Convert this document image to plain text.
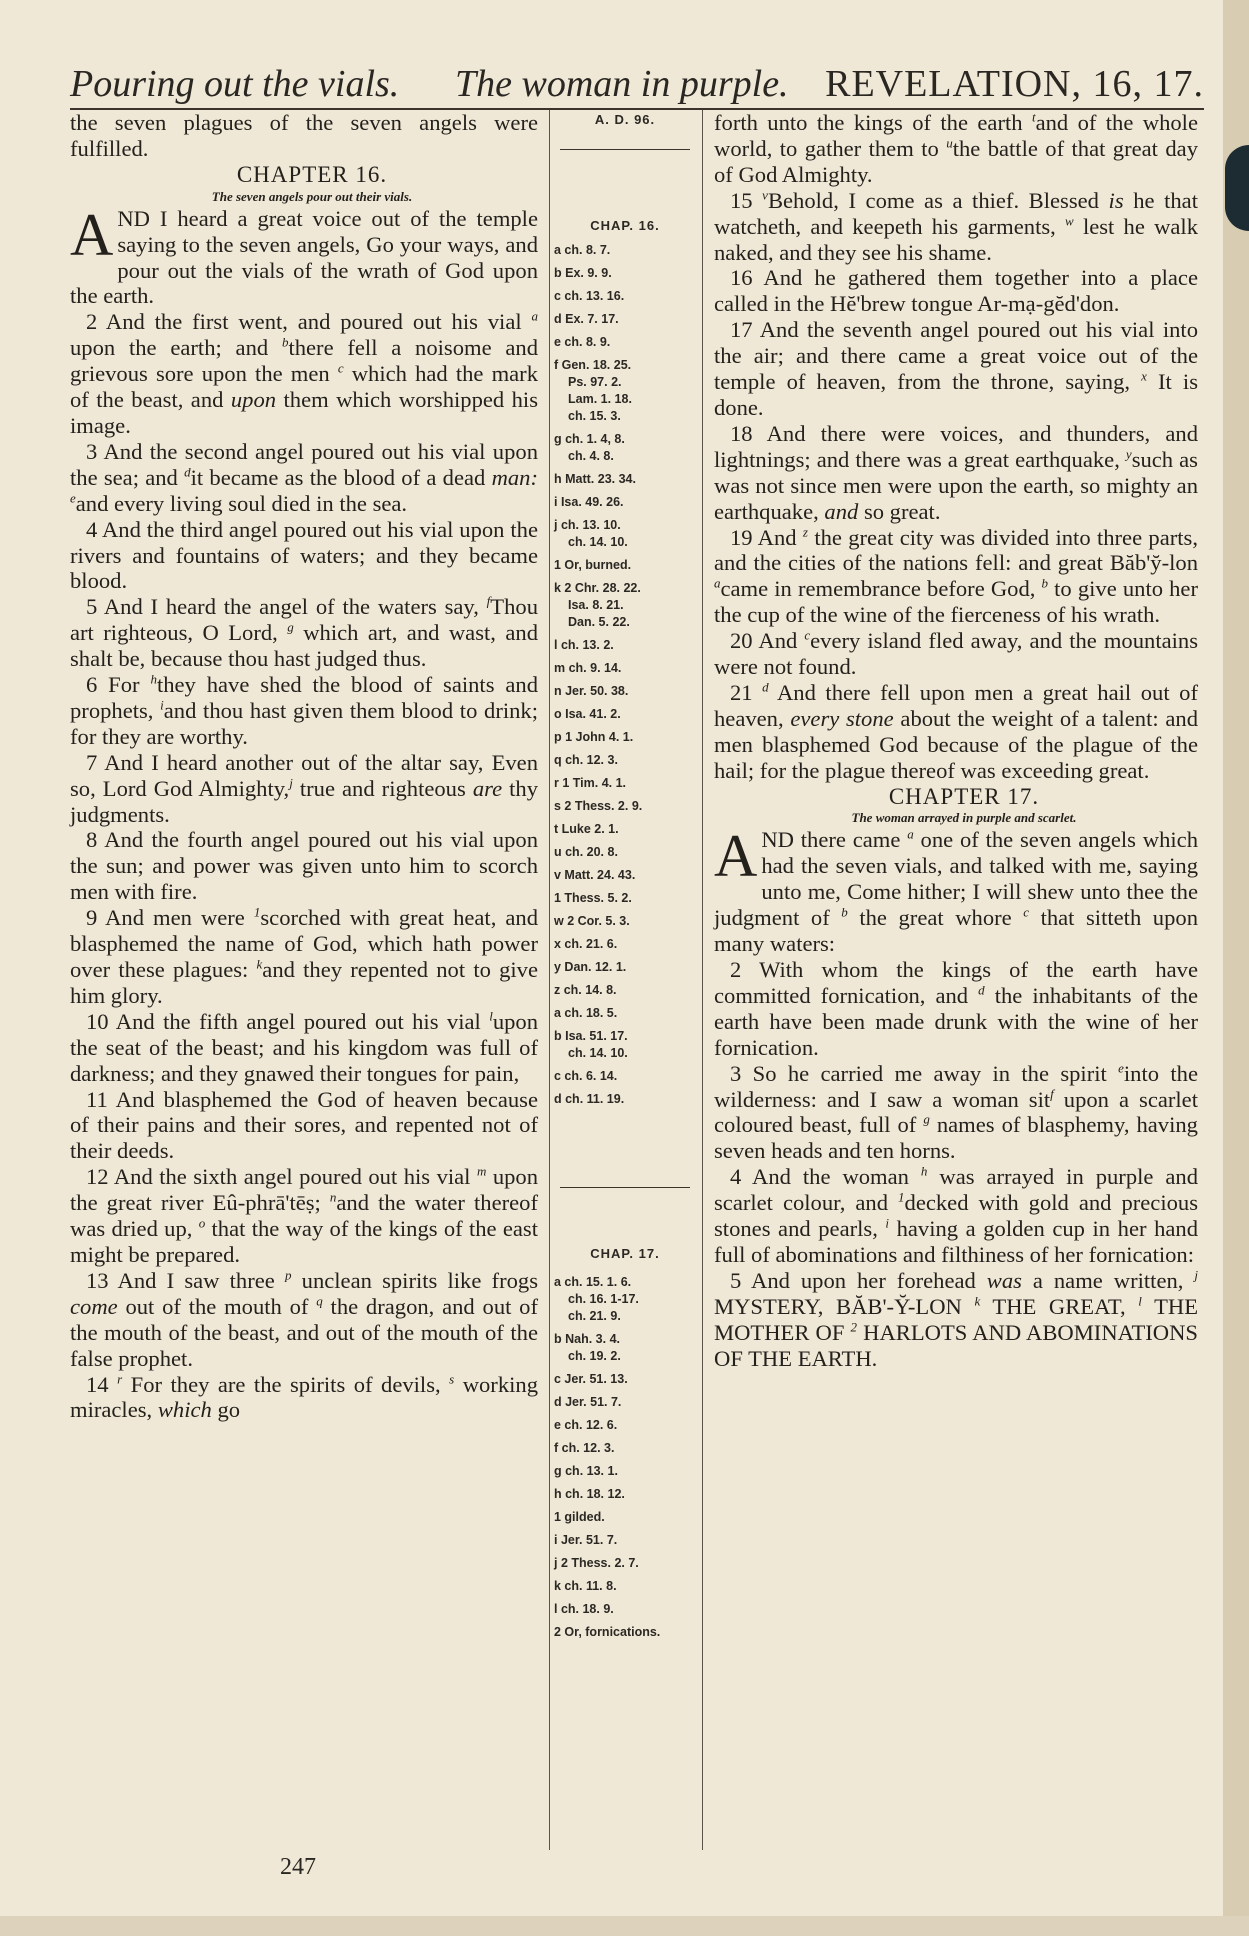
Pouring out the vials. The woman in purple. REVELATION, 16, 17.

the seven plagues of the seven angels were fulfilled.

CHAPTER 16.

The seven angels pour out their vials.

AND I heard a great voice out of the temple saying to the seven angels, Go your ways, and pour out the vials of the wrath of God upon the earth.

2 And the first went, and poured out his vial $^a$ upon the earth; and $^b$there fell a noisome and grievous sore upon the men $^c$ which had the mark of the beast, and upon them which worshipped his image.

3 And the second angel poured out his vial upon the sea; and $^d$it became as the blood of a dead man: $^e$and every living soul died in the sea.

4 And the third angel poured out his vial upon the rivers and fountains of waters; and they became blood.

5 And I heard the angel of the waters say, $^f$Thou art righteous, O Lord, $^g$ which art, and wast, and shalt be, because thou hast judged thus.

6 For $^h$they have shed the blood of saints and prophets, $^i$and thou hast given them blood to drink; for they are worthy.

7 And I heard another out of the altar say, Even so, Lord God Almighty,$^j$ true and righteous are thy judgments.

8 And the fourth angel poured out his vial upon the sun; and power was given unto him to scorch men with fire.

9 And men were $^1$scorched with great heat, and blasphemed the name of God, which hath power over these plagues: $^k$and they repented not to give him glory.

10 And the fifth angel poured out his vial $^l$upon the seat of the beast; and his kingdom was full of darkness; and they gnawed their tongues for pain,

11 And blasphemed the God of heaven because of their pains and their sores, and repented not of their deeds.

12 And the sixth angel poured out his vial $^m$ upon the great river Eû-phrā'tēṣ; $^n$and the water thereof was dried up, $^o$ that the way of the kings of the east might be prepared.

13 And I saw three $^p$ unclean spirits like frogs come out of the mouth of $^q$ the dragon, and out of the mouth of the beast, and out of the mouth of the false prophet.

14 $^r$ For they are the spirits of devils, $^s$ working miracles, which go

A. D. 96.
CHAP. 16.
a ch. 8. 7.
b Ex. 9. 9.
c ch. 13. 16.
d Ex. 7. 17.
e ch. 8. 9.
f Gen. 18. 25.
Ps. 97. 2.
Lam. 1. 18.
ch. 15. 3.
g ch. 1. 4, 8.
ch. 4. 8.
h Matt. 23. 34.
i Isa. 49. 26.
j ch. 13. 10.
ch. 14. 10.
1 Or, burned.
k 2 Chr. 28. 22.
Isa. 8. 21.
Dan. 5. 22.
l ch. 13. 2.
m ch. 9. 14.
n Jer. 50. 38.
o Isa. 41. 2.
p 1 John 4. 1.
q ch. 12. 3.
r 1 Tim. 4. 1.
s 2 Thess. 2. 9.
t Luke 2. 1.
u ch. 20. 8.
v Matt. 24. 43.
1 Thess. 5. 2.
w 2 Cor. 5. 3.
x ch. 21. 6.
y Dan. 12. 1.
z ch. 14. 8.
a ch. 18. 5.
b Isa. 51. 17.
ch. 14. 10.
c ch. 6. 14.
d ch. 11. 19.
CHAP. 17.
a ch. 15. 1. 6.
ch. 16. 1-17.
ch. 21. 9.
b Nah. 3. 4.
ch. 19. 2.
c Jer. 51. 13.
d Jer. 51. 7.
e ch. 12. 6.
f ch. 12. 3.
g ch. 13. 1.
h ch. 18. 12.
1 gilded.
i Jer. 51. 7.
j 2 Thess. 2. 7.
k ch. 11. 8.
l ch. 18. 9.
2 Or, fornications.

forth unto the kings of the earth $^t$and of the whole world, to gather them to $^u$the battle of that great day of God Almighty.

15 $^v$Behold, I come as a thief. Blessed is he that watcheth, and keepeth his garments, $^w$ lest he walk naked, and they see his shame.

16 And he gathered them together into a place called in the Hĕ'brew tongue Ar-mạ-gĕd'don.

17 And the seventh angel poured out his vial into the air; and there came a great voice out of the temple of heaven, from the throne, saying, $^x$ It is done.

18 And there were voices, and thunders, and lightnings; and there was a great earthquake, $^y$such as was not since men were upon the earth, so mighty an earthquake, and so great.

19 And $^z$ the great city was divided into three parts, and the cities of the nations fell: and great Băb'y̆-lon $^a$came in remembrance before God, $^b$ to give unto her the cup of the wine of the fierceness of his wrath.

20 And $^c$every island fled away, and the mountains were not found.

21 $^d$ And there fell upon men a great hail out of heaven, every stone about the weight of a talent: and men blasphemed God because of the plague of the hail; for the plague thereof was exceeding great.

CHAPTER 17.

The woman arrayed in purple and scarlet.

AND there came $^a$ one of the seven angels which had the seven vials, and talked with me, saying unto me, Come hither; I will shew unto thee the judgment of $^b$ the great whore $^c$ that sitteth upon many waters:

2 With whom the kings of the earth have committed fornication, and $^d$ the inhabitants of the earth have been made drunk with the wine of her fornication.

3 So he carried me away in the spirit $^e$into the wilderness: and I saw a woman sit$^f$ upon a scarlet coloured beast, full of $^g$ names of blasphemy, having seven heads and ten horns.

4 And the woman $^h$ was arrayed in purple and scarlet colour, and $^1$decked with gold and precious stones and pearls, $^i$ having a golden cup in her hand full of abominations and filthiness of her fornication:

5 And upon her forehead was a name written, $^j$ MYSTERY, BĂB'-Y̆-LON $^k$ THE GREAT, $^l$ THE MOTHER OF $^2$ HARLOTS AND ABOMINATIONS OF THE EARTH.

247
